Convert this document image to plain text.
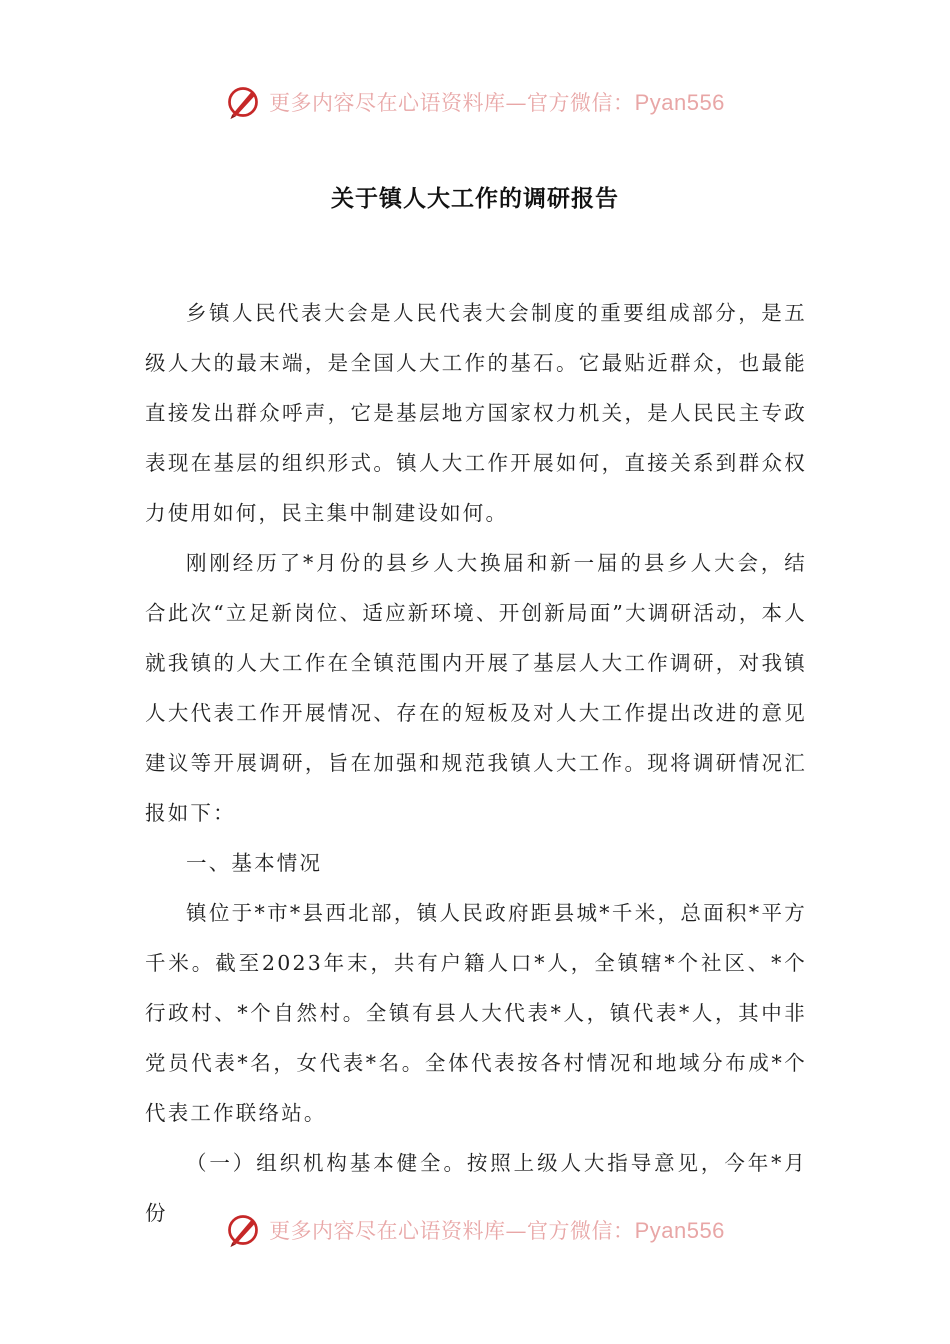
更多内容尽在心语资料库—官方微信：Pyan556
关于镇人大工作的调研报告

乡镇人民代表大会是人民代表大会制度的重要组成部分，是五级人大的最末端，是全国人大工作的基石。它最贴近群众，也最能直接发出群众呼声，它是基层地方国家权力机关，是人民民主专政表现在基层的组织形式。镇人大工作开展如何，直接关系到群众权力使用如何，民主集中制建设如何。

刚刚经历了*月份的县乡人大换届和新一届的县乡人大会，结合此次“立足新岗位、适应新环境、开创新局面”大调研活动，本人就我镇的人大工作在全镇范围内开展了基层人大工作调研，对我镇人大代表工作开展情况、存在的短板及对人大工作提出改进的意见建议等开展调研，旨在加强和规范我镇人大工作。现将调研情况汇报如下：

一、基本情况

镇位于*市*县西北部，镇人民政府距县城*千米，总面积*平方千米。截至2023年末，共有户籍人口*人，全镇辖*个社区、*个行政村、*个自然村。全镇有县人大代表*人，镇代表*人，其中非党员代表*名，女代表*名。全体代表按各村情况和地域分布成*个代表工作联络站。

（一）组织机构基本健全。按照上级人大指导意见，今年*月份

更多内容尽在心语资料库—官方微信：Pyan556
